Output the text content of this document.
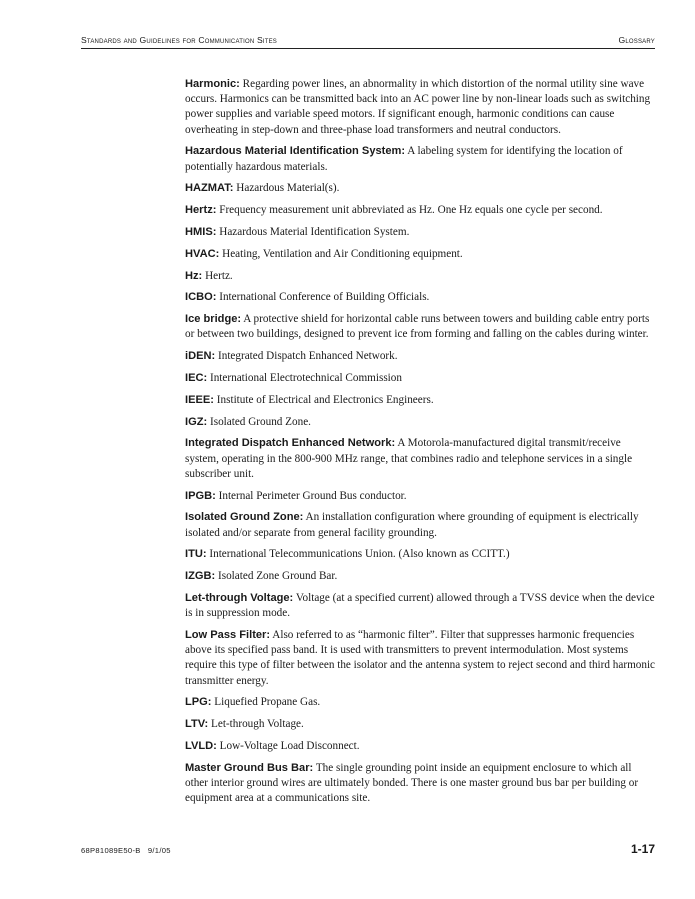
Standards and Guidelines for Communication Sites	Glossary

Harmonic: Regarding power lines, an abnormality in which distortion of the normal utility sine wave occurs. Harmonics can be transmitted back into an AC power line by non-linear loads such as switching power supplies and variable speed motors. If significant enough, harmonic conditions can cause overheating in step-down and three-phase load transformers and neutral conductors.

Hazardous Material Identification System: A labeling system for identifying the location of potentially hazardous materials.

HAZMAT: Hazardous Material(s).

Hertz: Frequency measurement unit abbreviated as Hz. One Hz equals one cycle per second.

HMIS: Hazardous Material Identification System.

HVAC: Heating, Ventilation and Air Conditioning equipment.

Hz: Hertz.

ICBO: International Conference of Building Officials.

Ice bridge: A protective shield for horizontal cable runs between towers and building cable entry ports or between two buildings, designed to prevent ice from forming and falling on the cables during winter.

iDEN: Integrated Dispatch Enhanced Network.

IEC: International Electrotechnical Commission

IEEE: Institute of Electrical and Electronics Engineers.

IGZ: Isolated Ground Zone.

Integrated Dispatch Enhanced Network: A Motorola-manufactured digital transmit/receive system, operating in the 800-900 MHz range, that combines radio and telephone services in a single subscriber unit.

IPGB: Internal Perimeter Ground Bus conductor.

Isolated Ground Zone: An installation configuration where grounding of equipment is electrically isolated and/or separate from general facility grounding.

ITU: International Telecommunications Union. (Also known as CCITT.)

IZGB: Isolated Zone Ground Bar.

Let-through Voltage: Voltage (at a specified current) allowed through a TVSS device when the device is in suppression mode.

Low Pass Filter: Also referred to as “harmonic filter”. Filter that suppresses harmonic frequencies above its specified pass band. It is used with transmitters to prevent intermodulation. Most systems require this type of filter between the isolator and the antenna system to reject second and third harmonic transmitter energy.

LPG: Liquefied Propane Gas.

LTV: Let-through Voltage.

LVLD: Low-Voltage Load Disconnect.

Master Ground Bus Bar: The single grounding point inside an equipment enclosure to which all other interior ground wires are ultimately bonded. There is one master ground bus bar per building or equipment area at a communications site.

68P81089E50-B   9/1/05	1-17
